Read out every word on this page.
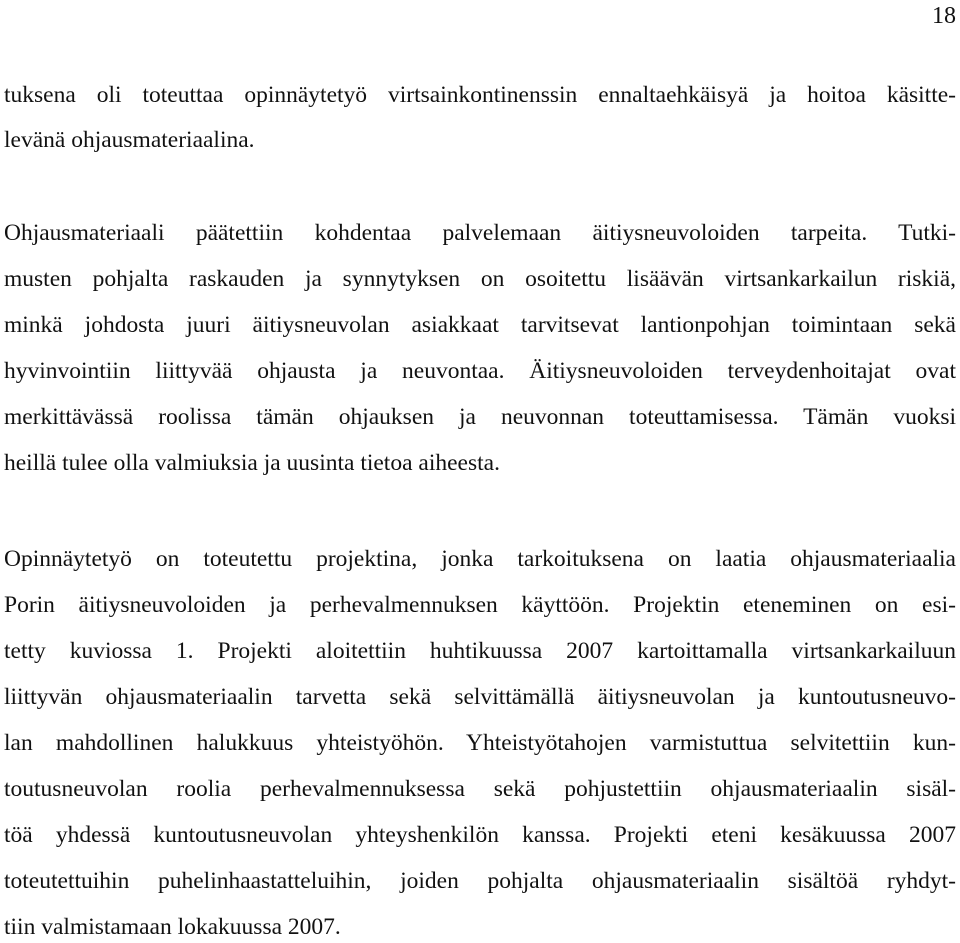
18
tuksena oli toteuttaa opinnäytetyö virtsainkontinenssin ennaltaehkäisyä ja hoitoa käsitte-
levänä ohjausmateriaalina.
Ohjausmateriaali päätettiin kohdentaa palvelemaan äitiysneuvoloiden tarpeita. Tutki-
musten pohjalta raskauden ja synnytyksen on osoitettu lisäävän virtsankarkailun riskiä,
minkä johdosta juuri äitiysneuvolan asiakkaat tarvitsevat lantionpohjan toimintaan sekä
hyvinvointiin liittyvää ohjausta ja neuvontaa. Äitiysneuvoloiden terveydenhoitajat ovat
merkittävässä roolissa tämän ohjauksen ja neuvonnan toteuttamisessa. Tämän vuoksi
heillä tulee olla valmiuksia ja uusinta tietoa aiheesta.
Opinnäytetyö on toteutettu projektina, jonka tarkoituksena on laatia ohjausmateriaalia
Porin äitiysneuvoloiden ja perhevalmennuksen käyttöön. Projektin eteneminen on esi-
tetty kuviossa 1. Projekti aloitettiin huhtikuussa 2007 kartoittamalla virtsankarkailuun
liittyvän ohjausmateriaalin tarvetta sekä selvittämällä äitiysneuvolan ja kuntoutusneuvo-
lan mahdollinen halukkuus yhteistyöhön. Yhteistyötahojen varmistuttua selvitettiin kun-
toutusneuvolan roolia perhevalmennuksessa sekä pohjustettiin ohjausmateriaalin sisäl-
töä yhdessä kuntoutusneuvolan yhteyshenkilön kanssa. Projekti eteni kesäkuussa 2007
toteutettuihin puhelinhaastatteluihin, joiden pohjalta ohjausmateriaalin sisältöä ryhdyt-
tiin valmistamaan lokakuussa 2007.
